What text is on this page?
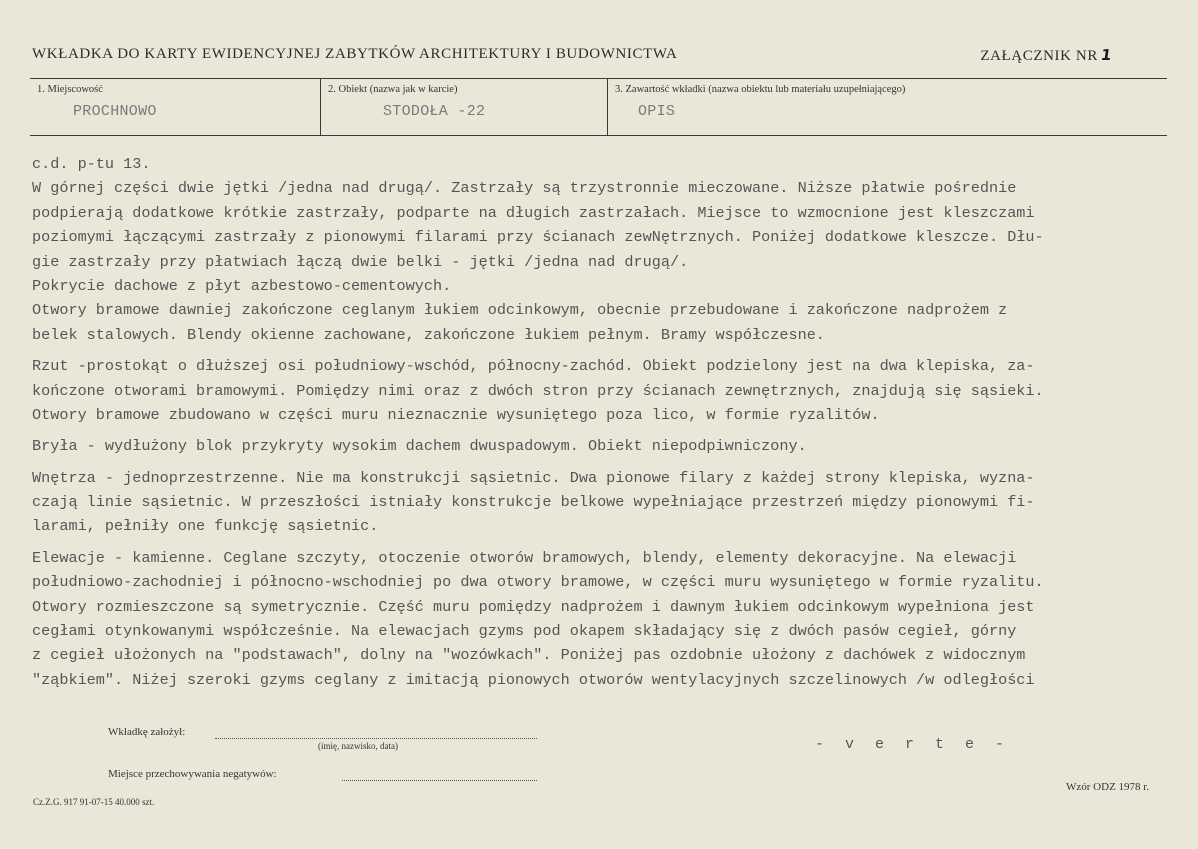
WKŁADKA DO KARTY EWIDENCYJNEJ ZABYTKÓW ARCHITEKTURY I BUDOWNICTWA	ZAŁĄCZNIK NR 1
1. Miejscowość
PROCHNOWO
2. Obiekt (nazwa jak w karcie)
STODOŁA -22
3. Zawartość wkładki (nazwa obiektu lub materiału uzupełniającego)
OPIS
c.d. p-tu 13.
W górnej części dwie jętki /jedna nad drugą/. Zastrzały są trzystronnie mieczowane. Niższe płatwie pośrednie
podpierają dodatkowe krótkie zastrzały, podparte na długich zastrzałach. Miejsce to wzmocnione jest kleszczami
poziomymi łączącymi zastrzały z pionowymi filarami przy ścianach zewNętrznych. Poniżej dodatkowe kleszcze. Dłu-
gie zastrzały przy płatwiach łączą dwie belki - jętki /jedna nad drugą/.
Pokrycie dachowe z płyt azbestowo-cementowych.
Otwory bramowe dawniej zakończone ceglanym łukiem odcinkowym, obecnie przebudowane i zakończone nadprożem z
belek stalowych. Blendy okienne zachowane, zakończone łukiem pełnym. Bramy współczesne.
Rzut -prostokąt o dłuższej osi południowy-wschód, północny-zachód. Obiekt podzielony jest na dwa klepiska, za-
kończone otworami bramowymi. Pomiędzy nimi oraz z dwóch stron przy ścianach zewnętrznych, znajdują się sąsieki.
Otwory bramowe zbudowano w części muru nieznacznie wysuniętego poza lico, w formie ryzalitów.
Bryła - wydłużony blok przykryty wysokim dachem dwuspadowym. Obiekt niepodpiwniczony.
Wnętrza - jednoprzestrzenne. Nie ma konstrukcji sąsietnic. Dwa pionowe filary z każdej strony klepiska, wyzna-
czają linie sąsietnic. W przeszłości istniały konstrukcje belkowe wypełniające przestrzeń między pionowymi fi-
larami, pełniły one funkcję sąsietnic.
Elewacje - kamienne. Ceglane szczyty, otoczenie otworów bramowych, blendy, elementy dekoracyjne. Na elewacji
południowo-zachodniej i północno-wschodniej po dwa otwory bramowe, w części muru wysuniętego w formie ryzalitu.
Otwory rozmieszczone są symetrycznie. Część muru pomiędzy nadprożem i dawnym łukiem odcinkowym wypełniona jest
cegłami otynkowanymi współcześnie. Na elewacjach gzyms pod okapem składający się z dwóch pasów cegieł, górny
z cegieł ułożonych na "podstawach", dolny na "wozówkach". Poniżej pas ozdobnie ułożony z dachówek z widocznym
"ząbkiem". Niżej szeroki gzyms ceglany z imitacją pionowych otworów wentylacyjnych szczelinowych /w odległości
Wkładkę założył:
(imię, nazwisko, data)
Miejsce przechowywania negatywów:
- v e r t e -
Cz.Z.G. 917 91-07-15 40.000 szt.
Wzór ODZ 1978 r.
